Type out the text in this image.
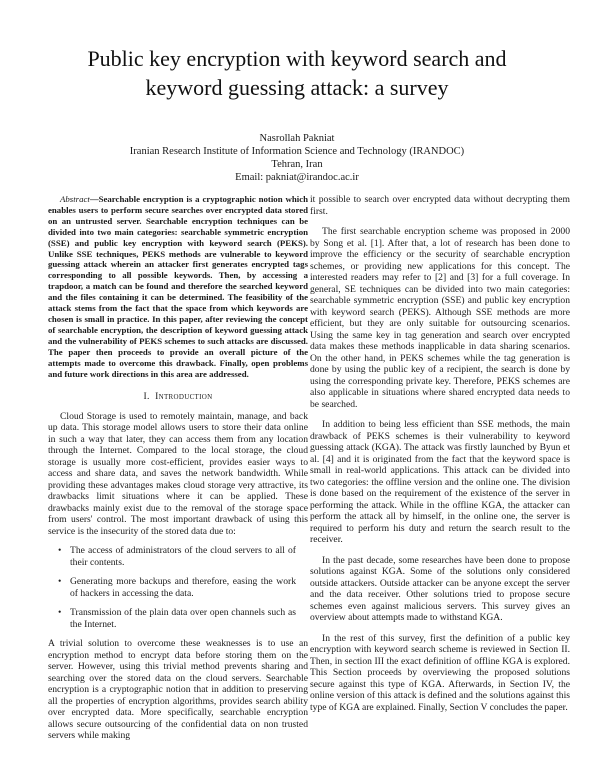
Public key encryption with keyword search and
keyword guessing attack: a survey
Nasrollah Pakniat
Iranian Research Institute of Information Science and Technology (IRANDOC)
Tehran, Iran
Email: pakniat@irandoc.ac.ir

Abstract—Searchable encryption is a cryptographic notion which enables users to perform secure searches over encrypted data stored on an untrusted server. Searchable encryption techniques can be divided into two main categories: searchable symmetric encryption (SSE) and public key encryption with keyword search (PEKS). Unlike SSE techniques, PEKS methods are vulnerable to keyword guessing attack wherein an attacker first generates encrypted tags corresponding to all possible keywords. Then, by accessing a trapdoor, a match can be found and therefore the searched keyword and the files containing it can be determined. The feasibility of the attack stems from the fact that the space from which keywords are chosen is small in practice. In this paper, after reviewing the concept of searchable encryption, the description of keyword guessing attack and the vulnerability of PEKS schemes to such attacks are discussed. The paper then proceeds to provide an overall picture of the attempts made to overcome this drawback. Finally, open problems and future work directions in this area are addressed.

I. Introduction

Cloud Storage is used to remotely maintain, manage, and back up data. This storage model allows users to store their data online in such a way that later, they can access them from any location through the Internet. Compared to the local storage, the cloud storage is usually more cost-efficient, provides easier ways to access and share data, and saves the network bandwidth. While providing these advantages makes cloud storage very attractive, its drawbacks limit situations where it can be applied. These drawbacks mainly exist due to the removal of the storage space from users' control. The most important drawback of using this service is the insecurity of the stored data due to:

• The access of administrators of the cloud servers to all of their contents.
• Generating more backups and therefore, easing the work of hackers in accessing the data.
• Transmission of the plain data over open channels such as the Internet.

A trivial solution to overcome these weaknesses is to use an encryption method to encrypt data before storing them on the server. However, using this trivial method prevents sharing and searching over the stored data on the cloud servers. Searchable encryption is a cryptographic notion that in addition to preserving all the properties of encryption algorithms, provides search ability over encrypted data. More specifically, searchable encryption allows secure outsourcing of the confidential data on non trusted servers while making

it possible to search over encrypted data without decrypting them first.

The first searchable encryption scheme was proposed in 2000 by Song et al. [1]. After that, a lot of research has been done to improve the efficiency or the security of searchable encryption schemes, or providing new applications for this concept. The interested readers may refer to [2] and [3] for a full coverage. In general, SE techniques can be divided into two main categories: searchable symmetric encryption (SSE) and public key encryption with keyword search (PEKS). Although SSE methods are more efficient, but they are only suitable for outsourcing scenarios. Using the same key in tag generation and search over encrypted data makes these methods inapplicable in data sharing scenarios. On the other hand, in PEKS schemes while the tag generation is done by using the public key of a recipient, the search is done by using the corresponding private key. Therefore, PEKS schemes are also applicable in situations where shared encrypted data needs to be searched.

In addition to being less efficient than SSE methods, the main drawback of PEKS schemes is their vulnerability to keyword guessing attack (KGA). The attack was firstly launched by Byun et al. [4] and it is originated from the fact that the keyword space is small in real-world applications. This attack can be divided into two categories: the offline version and the online one. The division is done based on the requirement of the existence of the server in performing the attack. While in the offline KGA, the attacker can perform the attack all by himself, in the online one, the server is required to perform his duty and return the search result to the receiver.

In the past decade, some researches have been done to propose solutions against KGA. Some of the solutions only considered outside attackers. Outside attacker can be anyone except the server and the data receiver. Other solutions tried to propose secure schemes even against malicious servers. This survey gives an overview about attempts made to withstand KGA.

In the rest of this survey, first the definition of a public key encryption with keyword search scheme is reviewed in Section II. Then, in section III the exact definition of offline KGA is explored. This Section proceeds by overviewing the proposed solutions secure against this type of KGA. Afterwards, in Section IV, the online version of this attack is defined and the solutions against this type of KGA are explained. Finally, Section V concludes the paper.
